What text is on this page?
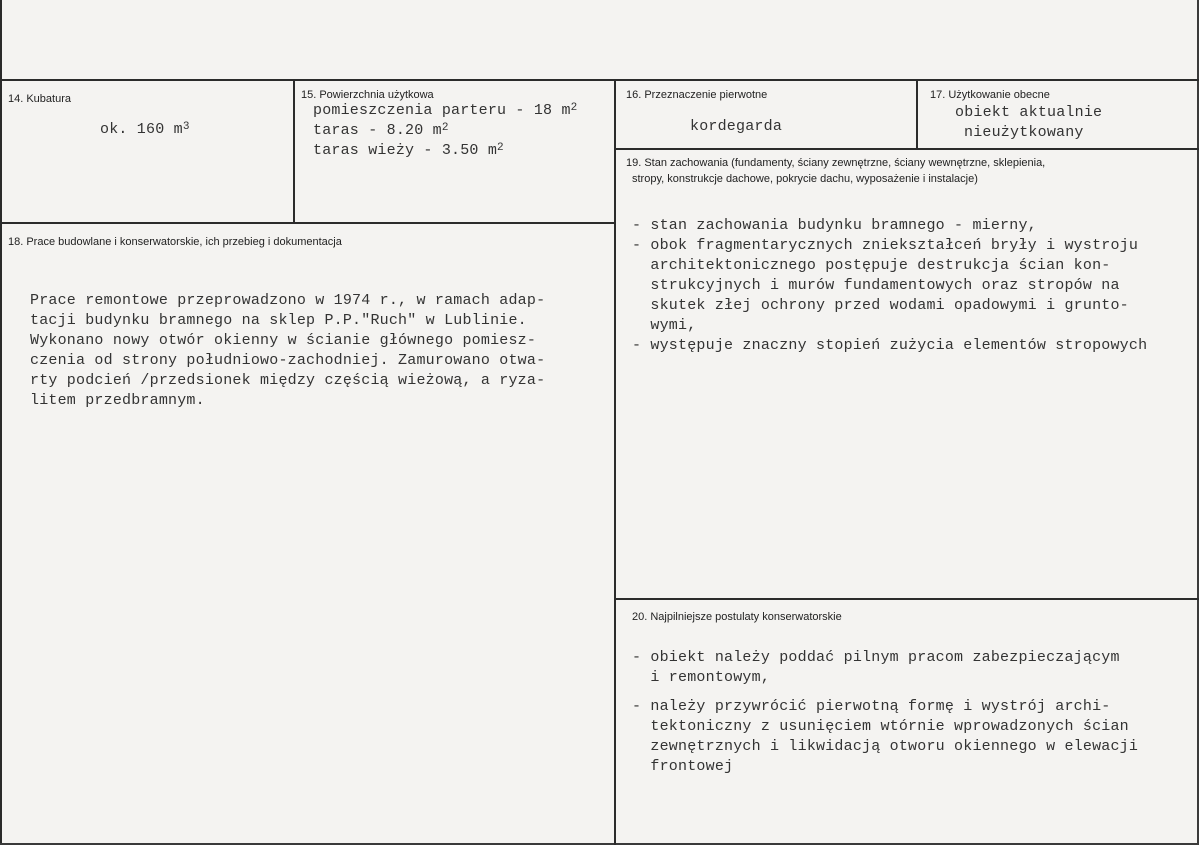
14. Kubatura
ok. 160 $m^3$
15. Powierzchnia użytkowa
pomieszczenia parteru - 18 $m^2$
taras - 8.20 $m^2$
taras wieży - 3.50 $m^2$
16. Przeznaczenie pierwotne
kordegarda
17. Użytkowanie obecne
obiekt aktualnie
nieużytkowany
18. Prace budowlane i konserwatorskie, ich przebieg i dokumentacja
Prace remontowe przeprowadzono w 1974 r., w ramach adap-
tacji budynku bramnego na sklep P.P."Ruch" w Lublinie.
Wykonano nowy otwór okienny w ścianie głównego pomiesz-
czenia od strony południowo-zachodniej. Zamurowano otwa-
rty podcień /przedsionek między częścią wieżową, a ryza-
litem przedbramnym.
19. Stan zachowania (fundamenty, ściany zewnętrzne, ściany wewnętrzne, sklepienia,
stropy, konstrukcje dachowe, pokrycie dachu, wyposażenie i instalacje)
- stan zachowania budynku bramnego - mierny,
- obok fragmentarycznych zniekształceń bryły i wystroju
architektonicznego postępuje destrukcja ścian kon-
strukcyjnych i murów fundamentowych oraz stropów na
skutek złej ochrony przed wodami opadowymi i grunto-
wymi,
- występuje znaczny stopień zużycia elementów stropowych
20. Najpilniejsze postulaty konserwatorskie
- obiekt należy poddać pilnym pracom zabezpieczającym
i remontowym,
- należy przywrócić pierwotną formę i wystrój archi-
tektoniczny z usunięciem wtórnie wprowadzonych ścian
zewnętrznych i likwidacją otworu okiennego w elewacji
frontowej
